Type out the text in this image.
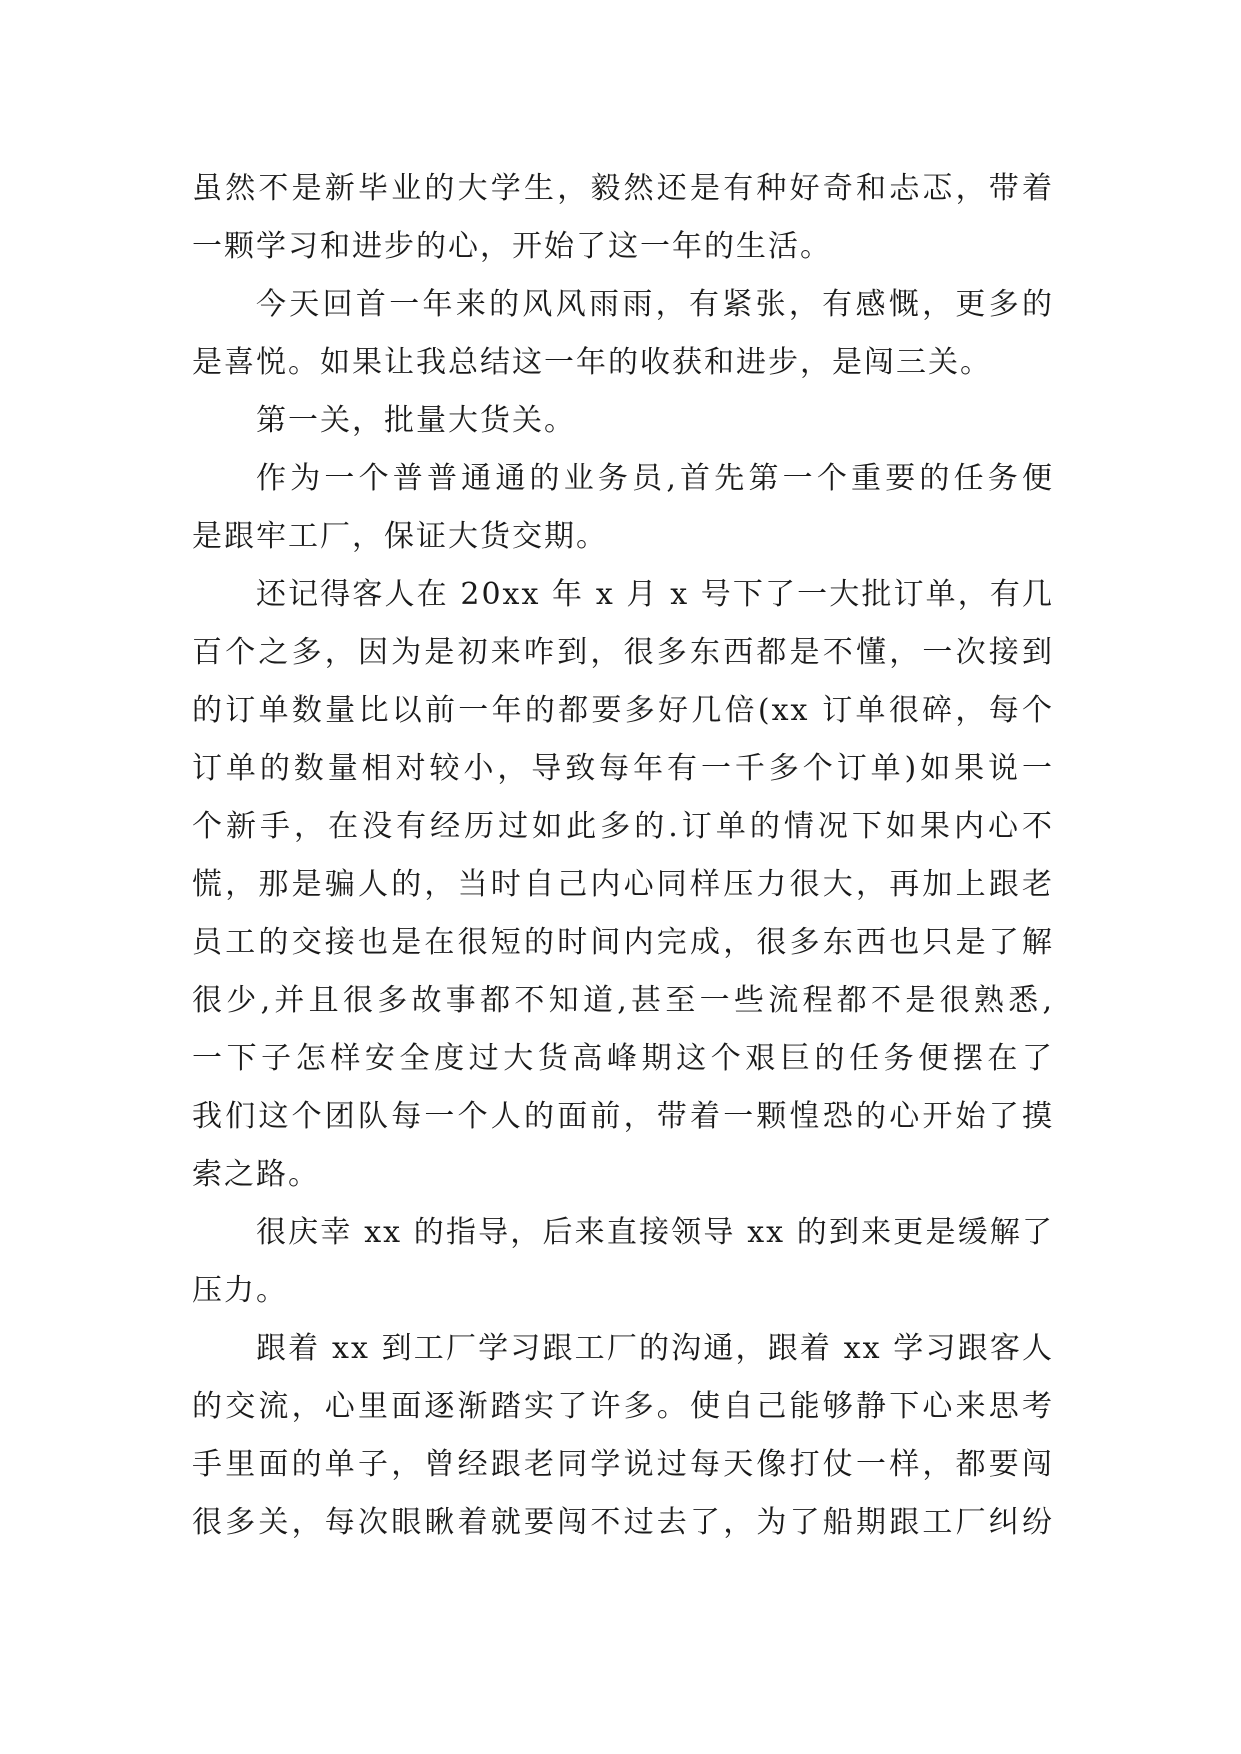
虽然不是新毕业的大学生，毅然还是有种好奇和忐忑，带着
一颗学习和进步的心，开始了这一年的生活。
今天回首一年来的风风雨雨，有紧张，有感慨，更多的
是喜悦。如果让我总结这一年的收获和进步，是闯三关。
第一关，批量大货关。
作为一个普普通通的业务员,首先第一个重要的任务便
是跟牢工厂，保证大货交期。
还记得客人在 20xx 年 x 月 x 号下了一大批订单，有几
百个之多，因为是初来咋到，很多东西都是不懂，一次接到
的订单数量比以前一年的都要多好几倍(xx 订单很碎，每个
订单的数量相对较小，导致每年有一千多个订单)如果说一
个新手，在没有经历过如此多的.订单的情况下如果内心不
慌，那是骗人的，当时自己内心同样压力很大，再加上跟老
员工的交接也是在很短的时间内完成，很多东西也只是了解
很少,并且很多故事都不知道,甚至一些流程都不是很熟悉,
一下子怎样安全度过大货高峰期这个艰巨的任务便摆在了
我们这个团队每一个人的面前，带着一颗惶恐的心开始了摸
索之路。
很庆幸 xx 的指导，后来直接领导 xx 的到来更是缓解了
压力。
跟着 xx 到工厂学习跟工厂的沟通，跟着 xx 学习跟客人
的交流，心里面逐渐踏实了许多。使自己能够静下心来思考
手里面的单子，曾经跟老同学说过每天像打仗一样，都要闯
很多关，每次眼瞅着就要闯不过去了，为了船期跟工厂纠纷
